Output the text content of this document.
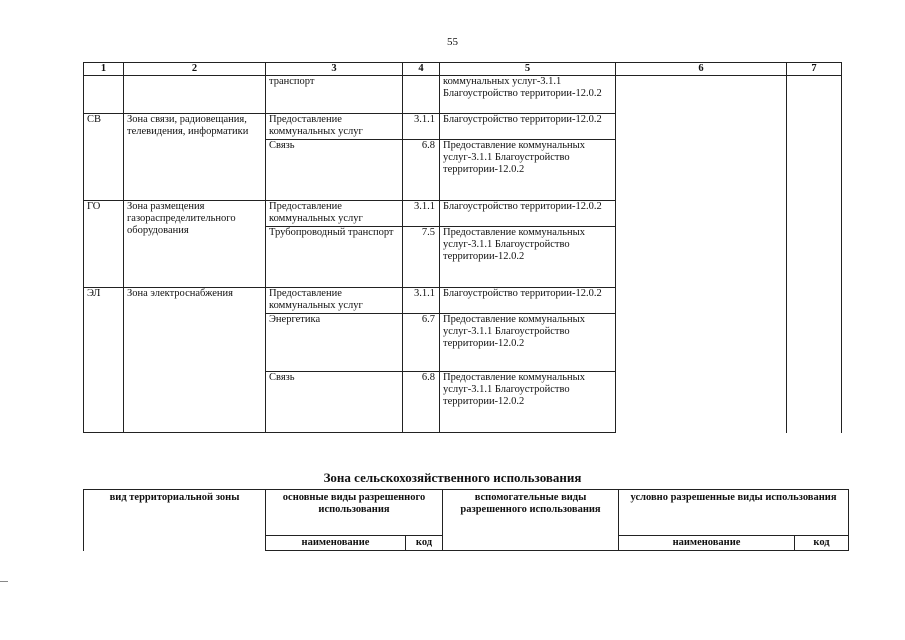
55
1	2	3	4	5	6	7
		транспорт		коммунальных услуг-3.1.1 Благоустройство территории-12.0.2		
СВ	Зона связи, радиовещания, телевидения, информатики	Предоставление коммунальных услуг	3.1.1	Благоустройство территории-12.0.2		
		Связь	6.8	Предоставление коммунальных услуг-3.1.1 Благоустройство территории-12.0.2		
ГО	Зона размещения газораспределительного оборудования	Предоставление коммунальных услуг	3.1.1	Благоустройство территории-12.0.2		
		Трубопроводный транспорт	7.5	Предоставление коммунальных услуг-3.1.1 Благоустройство территории-12.0.2		
ЭЛ	Зона электроснабжения	Предоставление коммунальных услуг	3.1.1	Благоустройство территории-12.0.2		
		Энергетика	6.7	Предоставление коммунальных услуг-3.1.1 Благоустройство территории-12.0.2		
		Связь	6.8	Предоставление коммунальных услуг-3.1.1 Благоустройство территории-12.0.2		
Зона сельскохозяйственного использования
вид территориальной зоны	основные виды разрешенного использования		вспомогательные виды разрешенного использования	условно разрешенные виды использования	
	наименование	код		наименование	код
